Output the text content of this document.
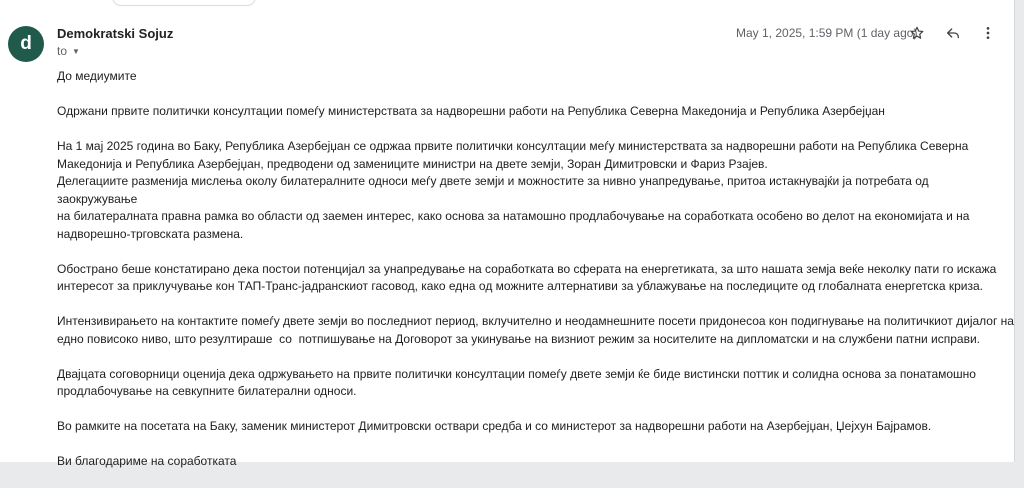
d Demokratski Sojuz
to ▼
May 1, 2025, 1:59 PM (1 day ago)

До медиумите

Одржани првите политички консултации помеѓу министерствата за надворешни работи на Република Северна Македонија и Република Азербејџан

На 1 мај 2025 година во Баку, Република Азербејџан се одржаа првите политички консултации меѓу министерствата за надворешни работи на Република Северна
Македонија и Република Азербејџан, предводени од замениците министри на двете земји, Зоран Димитровски и Фариз Рзајев.
Делегациите разменија мислења околу билатералните односи меѓу двете земји и можностите за нивно унапредување, притоа истакнувајќи ја потребата од заокружување
на билатералната правна рамка во области од заемен интерес, како основа за натамошно продлабочување на соработката особено во делот на економијата и на
надворешно-трговската размена.

Обострано беше констатирано дека постои потенцијал за унапредување на соработката во сферата на енергетиката, за што нашата земја веќе неколку пати го искажа
интересот за приклучување кон ТАП-Транс-јадранскиот гасовод, како една од можните алтернативи за ублажување на последиците од глобалната енергетска криза.

Интензивирањето на контактите помеѓу двете земји во последниот период, вклучително и неодамнешните посети придонесоа кон подигнување на политичкиот дијалог на
едно повисоко ниво, што резултираше  со  потпишување на Договорот за укинување на визниот режим за носителите на дипломатски и на службени патни исправи.

Двајцата соговорници оценија дека одржувањето на првите политички консултации помеѓу двете земји ќе биде вистински поттик и солидна основа за понатамошно
продлабочување на севкупните билатерални односи.

Во рамките на посетата на Баку, заменик министерот Димитровски оствари средба и со министерот за надворешни работи на Азербејџан, Џејхун Бајрамов.

Ви благодариме на соработката
